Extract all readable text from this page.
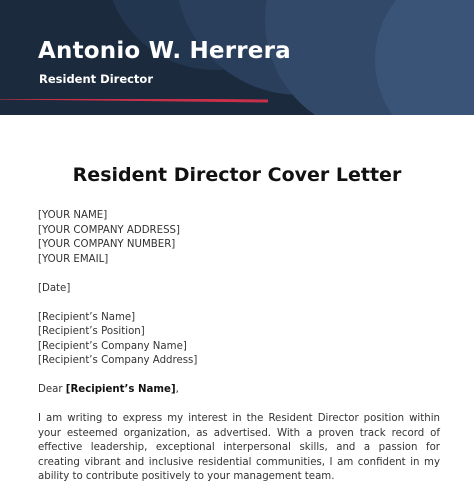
Antonio W. Herrera

Resident Director

Resident Director Cover Letter
[YOUR NAME]
[YOUR COMPANY ADDRESS]
[YOUR COMPANY NUMBER]
[YOUR EMAIL]
[Date]
[Recipient’s Name]
[Recipient’s Position]
[Recipient’s Company Name]
[Recipient’s Company Address]
Dear [Recipient’s Name],

I am writing to express my interest in the Resident Director position within your esteemed organization, as advertised. With a proven track record of effective leadership, exceptional interpersonal skills, and a passion for creating vibrant and inclusive residential communities, I am confident in my ability to contribute positively to your management team.
